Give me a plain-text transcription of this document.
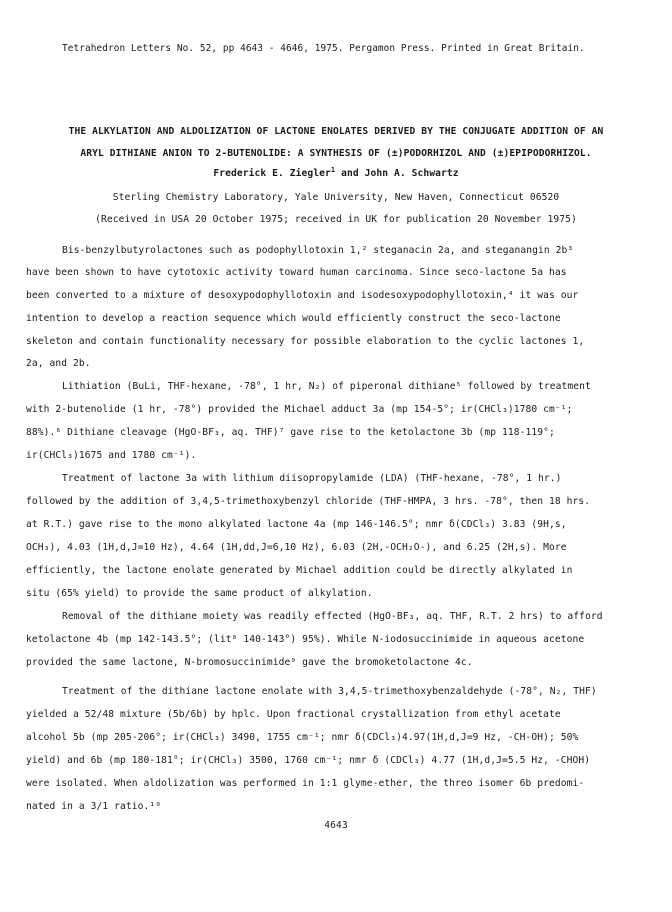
Tetrahedron Letters No. 52, pp 4643 - 4646, 1975. Pergamon Press. Printed in Great Britain.
THE ALKYLATION AND ALDOLIZATION OF LACTONE ENOLATES DERIVED BY THE CONJUGATE ADDITION OF AN
ARYL DITHIANE ANION TO 2-BUTENOLIDE: A SYNTHESIS OF (±)PODORHIZOL AND (±)EPIPODORHIZOL.
Frederick E. Ziegler$^1$ and John A. Schwartz
Sterling Chemistry Laboratory, Yale University, New Haven, Connecticut 06520
(Received in USA 20 October 1975; received in UK for publication 20 November 1975)
Bis-benzylbutyrolactones such as podophyllotoxin 1,² steganacin 2a, and steganangin 2b³
have been shown to have cytotoxic activity toward human carcinoma. Since seco-lactone 5a has
been converted to a mixture of desoxypodophyllotoxin and isodesoxypodophyllotoxin,⁴ it was our
intention to develop a reaction sequence which would efficiently construct the seco-lactone
skeleton and contain functionality necessary for possible elaboration to the cyclic lactones 1,
2a, and 2b.
Lithiation (BuLi, THF-hexane, -78°, 1 hr, N₂) of piperonal dithiane⁵ followed by treatment
with 2-butenolide (1 hr, -78°) provided the Michael adduct 3a (mp 154-5°; ir(CHCl₃)1780 cm⁻¹;
88%).⁶ Dithiane cleavage (HgO-BF₃, aq. THF)⁷ gave rise to the ketolactone 3b (mp 118-119°;
ir(CHCl₃)1675 and 1780 cm⁻¹).
Treatment of lactone 3a with lithium diisopropylamide (LDA) (THF-hexane, -78°, 1 hr.)
followed by the addition of 3,4,5-trimethoxybenzyl chloride (THF-HMPA, 3 hrs. -78°, then 18 hrs.
at R.T.) gave rise to the mono alkylated lactone 4a (mp 146-146.5°; nmr δ(CDCl₃) 3.83 (9H,s,
OCH₃), 4.03 (1H,d,J=10 Hz), 4.64 (1H,dd,J=6,10 Hz), 6.03 (2H,-OCH₂O-), and 6.25 (2H,s). More
efficiently, the lactone enolate generated by Michael addition could be directly alkylated in
situ (65% yield) to provide the same product of alkylation.
Removal of the dithiane moiety was readily effected (HgO-BF₃, aq. THF, R.T. 2 hrs) to afford
ketolactone 4b (mp 142-143.5°; (lit⁸ 140-143°) 95%). While N-iodosuccinimide in aqueous acetone
provided the same lactone, N-bromosuccinimide⁹ gave the bromoketolactone 4c.
Treatment of the dithiane lactone enolate with 3,4,5-trimethoxybenzaldehyde (-78°, N₂, THF)
yielded a 52/48 mixture (5b/6b) by hplc. Upon fractional crystallization from ethyl acetate
alcohol 5b (mp 205-206°; ir(CHCl₃) 3490, 1755 cm⁻¹; nmr δ(CDCl₃)4.97(1H,d,J=9 Hz, -CH-OH); 50%
yield) and 6b (mp 180-181°; ir(CHCl₃) 3500, 1760 cm⁻¹; nmr δ (CDCl₃) 4.77 (1H,d,J=5.5 Hz, -CHOH)
were isolated. When aldolization was performed in 1:1 glyme-ether, the threo isomer 6b predomi-
nated in a 3/1 ratio.¹⁰
4643
